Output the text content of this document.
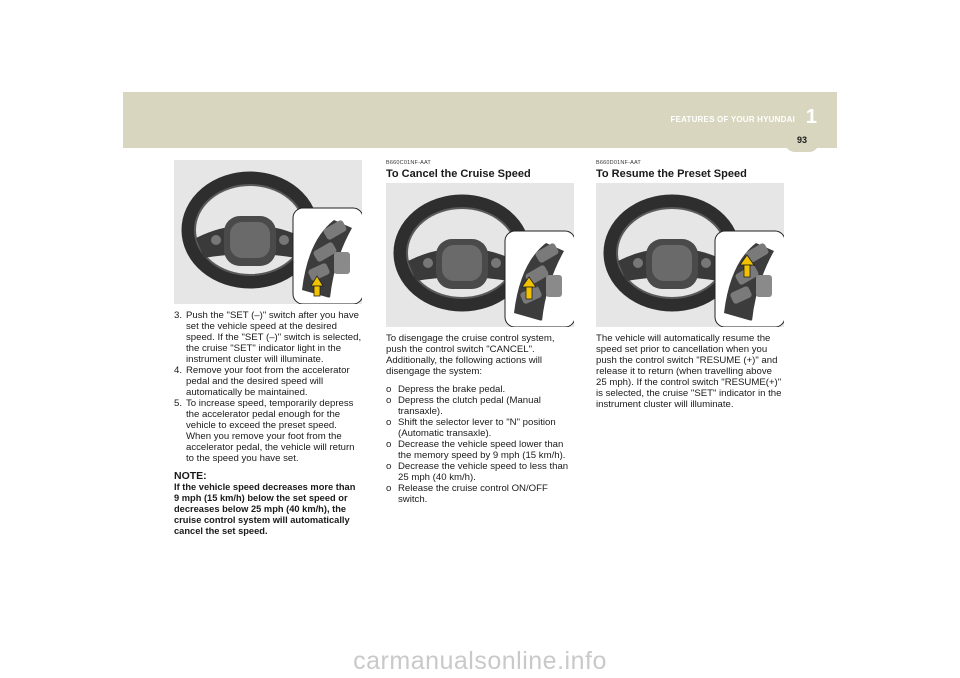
FEATURES OF YOUR HYUNDAI 1
93
ONF058017
3. Push the "SET (–)" switch after you have set the vehicle speed at the desired speed. If the "SET (–)" switch is selected, the cruise "SET" indicator light in the instrument cluster will illuminate.
4. Remove your foot from the accelerator pedal and the desired speed will automatically be maintained.
5. To increase speed, temporarily depress the accelerator pedal enough for the vehicle to exceed the preset speed. When you remove your foot from the accelerator pedal, the vehicle will return to the speed you have set.
NOTE:
If the vehicle speed decreases more than 9 mph (15 km/h) below the set speed or decreases below 25 mph (40 km/h), the cruise control system will automatically cancel the set speed.
B660C01NF-AAT
To Cancel the Cruise Speed
ONF058018

To disengage the cruise control system, push the control switch "CANCEL". Additionally, the following actions will disengage the system:

o Depress the brake pedal.
o Depress the clutch pedal (Manual transaxle).
o Shift the selector lever to "N" position (Automatic transaxle).
o Decrease the vehicle speed lower than the memory speed by 9 mph (15 km/h).
o Decrease the vehicle speed to less than 25 mph (40 km/h).
o Release the cruise control ON/OFF switch.
B660D01NF-AAT
To Resume the Preset Speed
ONF058017

The vehicle will automatically resume the speed set prior to cancellation when you push the control switch "RESUME (+)" and release it to return (when travelling above 25 mph). If the control switch "RESUME(+)" is selected, the cruise "SET" indicator in the instrument cluster will illuminate.

carmanualsonline.info
